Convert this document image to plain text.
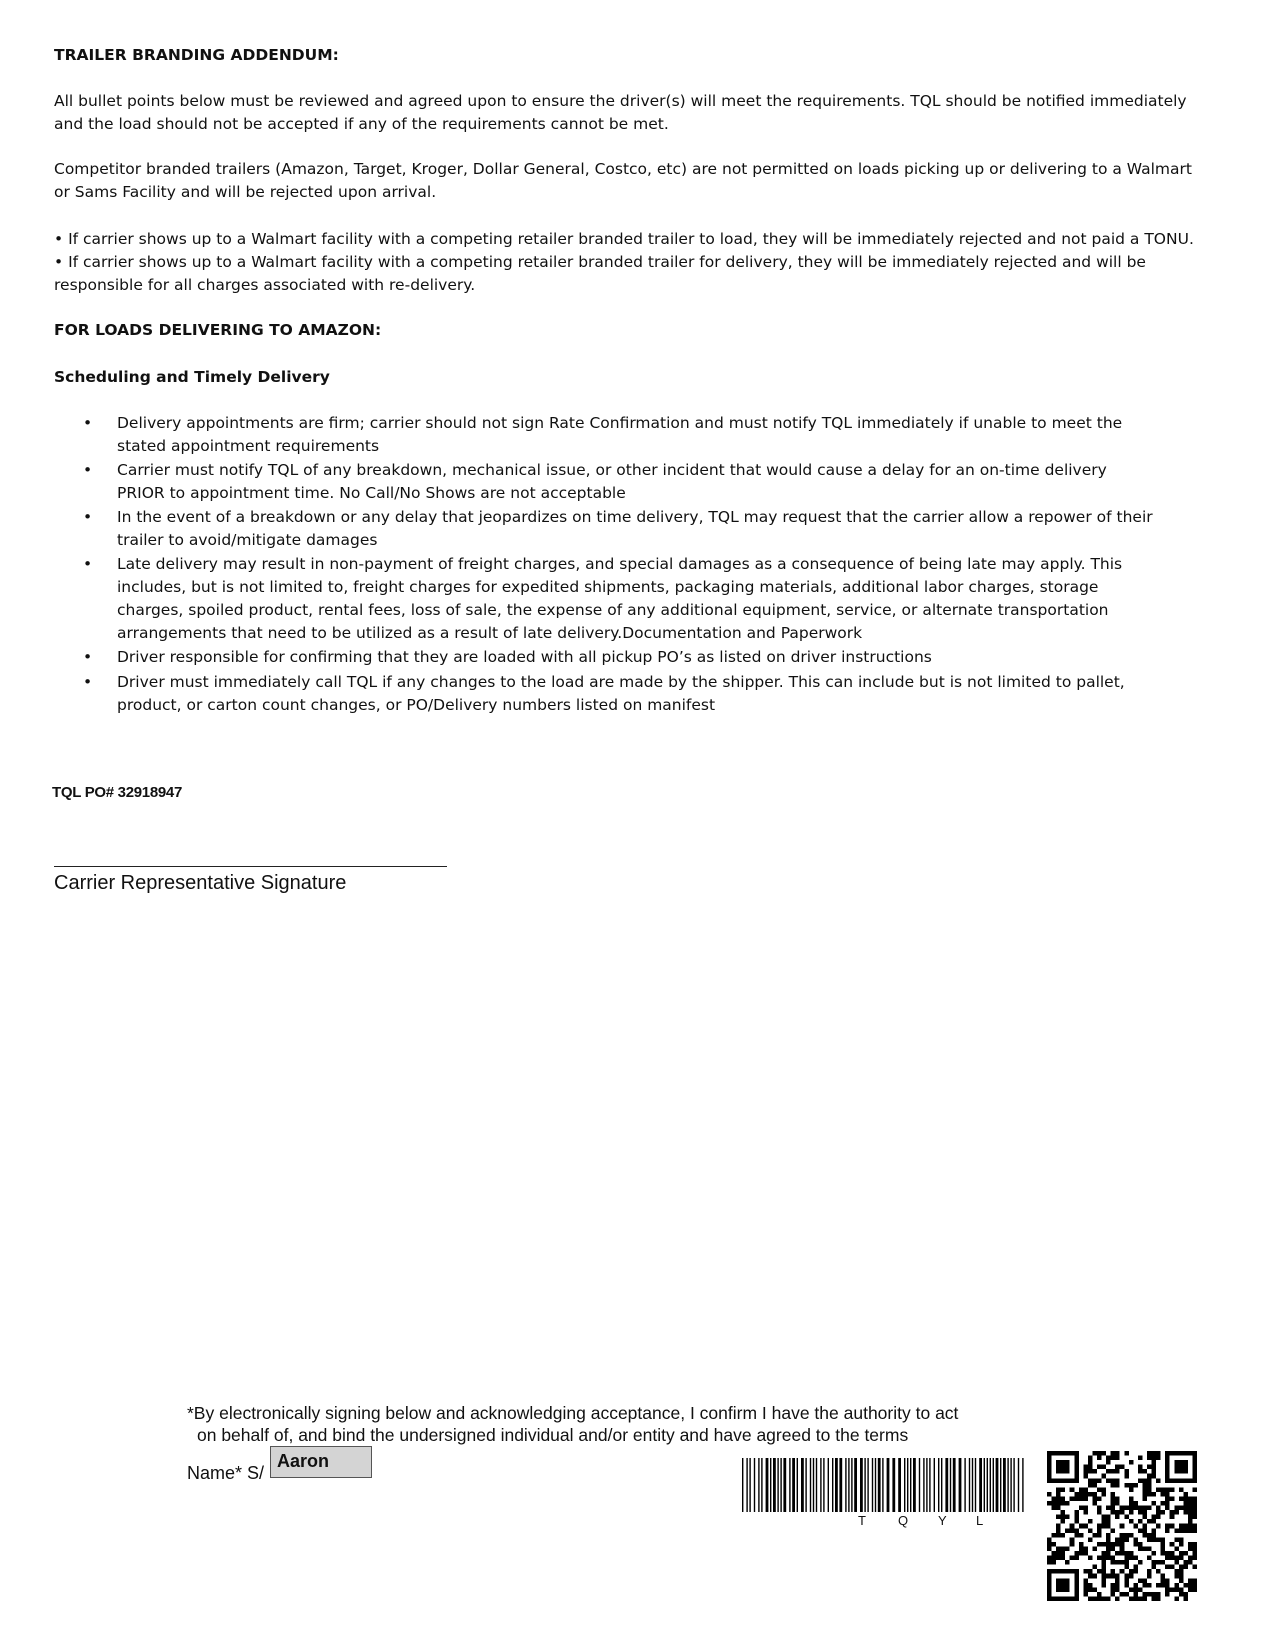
TRAILER BRANDING ADDENDUM:
All bullet points below must be reviewed and agreed upon to ensure the driver(s) will meet the requirements. TQL should be notified immediately and the load should not be accepted if any of the requirements cannot be met.
Competitor branded trailers (Amazon, Target, Kroger, Dollar General, Costco, etc) are not permitted on loads picking up or delivering to a Walmart or Sams Facility and will be rejected upon arrival.
• If carrier shows up to a Walmart facility with a competing retailer branded trailer to load, they will be immediately rejected and not paid a TONU.
• If carrier shows up to a Walmart facility with a competing retailer branded trailer for delivery, they will be immediately rejected and will be responsible for all charges associated with re-delivery.
FOR LOADS DELIVERING TO AMAZON:
Scheduling and Timely Delivery
• Delivery appointments are firm; carrier should not sign Rate Confirmation and must notify TQL immediately if unable to meet the stated appointment requirements
• Carrier must notify TQL of any breakdown, mechanical issue, or other incident that would cause a delay for an on-time delivery PRIOR to appointment time. No Call/No Shows are not acceptable
• In the event of a breakdown or any delay that jeopardizes on time delivery, TQL may request that the carrier allow a repower of their trailer to avoid/mitigate damages
• Late delivery may result in non-payment of freight charges, and special damages as a consequence of being late may apply. This includes, but is not limited to, freight charges for expedited shipments, packaging materials, additional labor charges, storage charges, spoiled product, rental fees, loss of sale, the expense of any additional equipment, service, or alternate transportation arrangements that need to be utilized as a result of late delivery.Documentation and Paperwork
• Driver responsible for confirming that they are loaded with all pickup PO’s as listed on driver instructions
• Driver must immediately call TQL if any changes to the load are made by the shipper. This can include but is not limited to pallet, product, or carton count changes, or PO/Delivery numbers listed on manifest
TQL PO# 32918947
Carrier Representative Signature
*By electronically signing below and acknowledging acceptance, I confirm I have the authority to act
on behalf of, and bind the undersigned individual and/or entity and have agreed to the terms
Name* S/
Aaron
T Q Y L
